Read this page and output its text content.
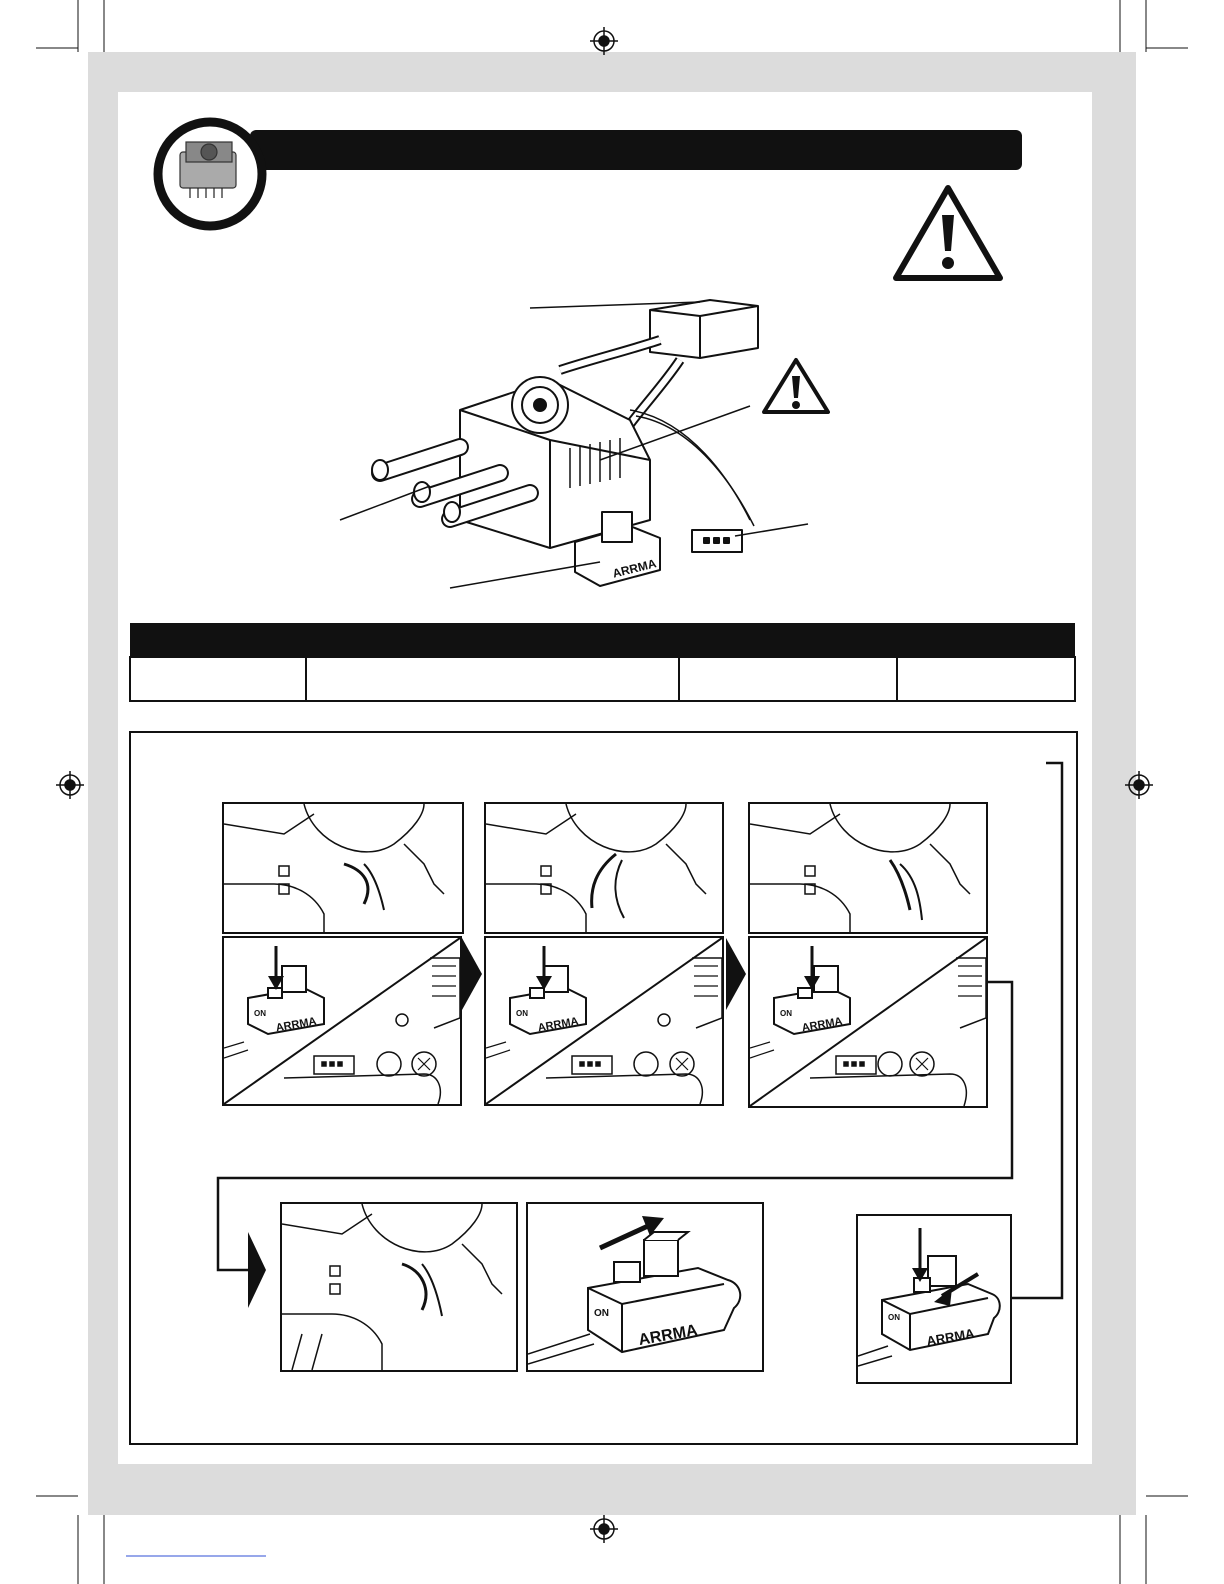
ARRMA

ARRMA
ON
ARRMA
ON
ARRMA
ON
ARRMA
ON
ARRMA
ON
